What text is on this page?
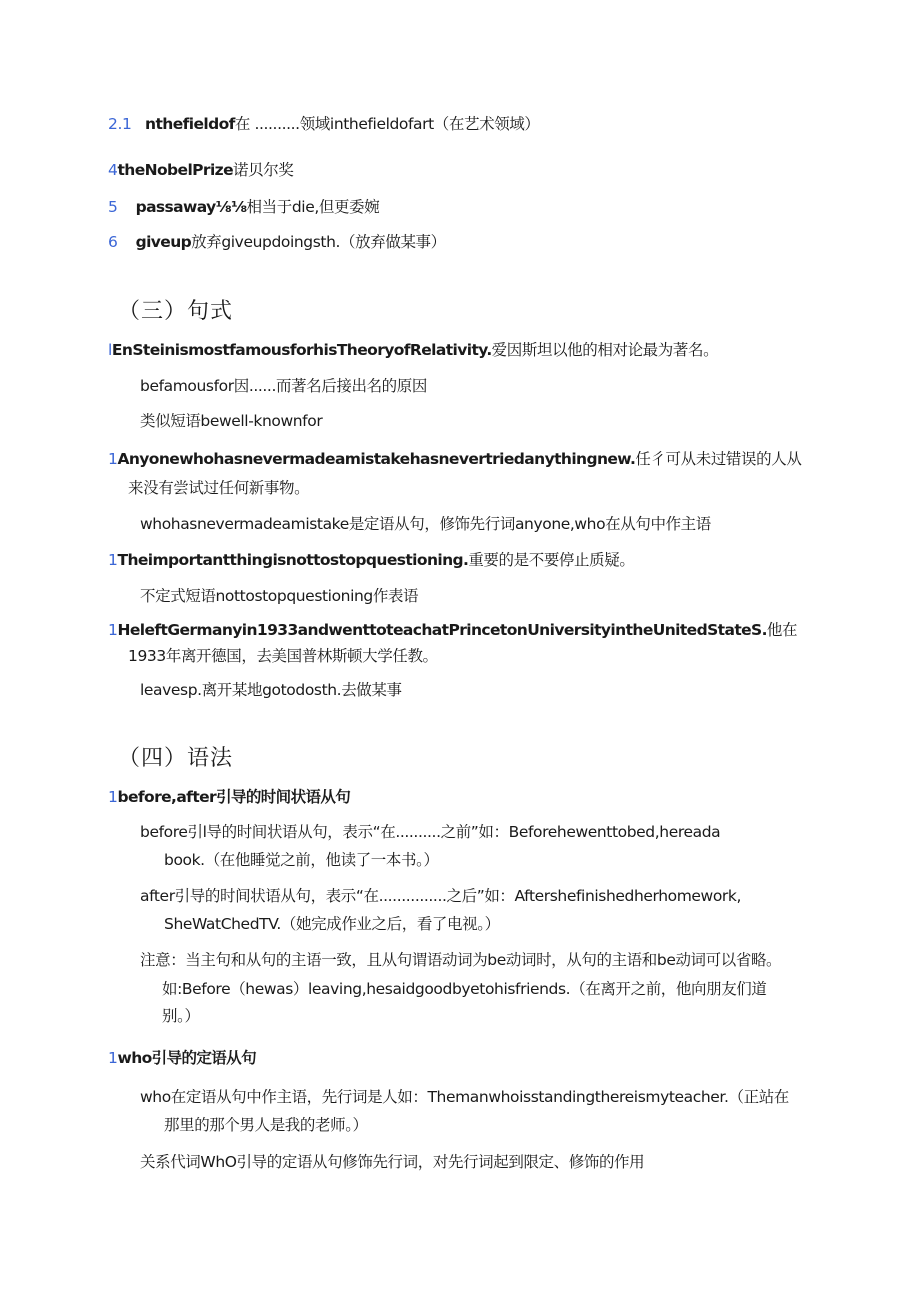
2.1 nthefieldof在 ..........领域inthefieldofart（在艺术领域）
4theNobelPrize诺贝尔奖
5 passaway⅛⅛相当于die,但更委婉
6 giveup放弃giveupdoingsth.（放弃做某事）
（三）句式
lEnSteinismostfamousforhisTheoryofRelativity.爱因斯坦以他的相对论最为著名。
befamousfor因......而著名后接出名的原因
类似短语bewell-knownfor
1Anyonewhohasnevermadeamistakehasnevertriedanythingnew.任彳可从未过错误的人从
来没有尝试过任何新事物。
whohasnevermadeamistake是定语从句，修饰先行词anyone,who在从句中作主语
1Theimportantthingisnottostopquestioning.重要的是不要停止质疑。
不定式短语nottostopquestioning作表语
1HeleftGermanyin1933andwenttoteachatPrincetonUniversityintheUnitedStateS.他在
1933年离开德国，去美国普林斯顿大学任教。
leavesp.离开某地gotodosth.去做某事
（四）语法
1before,after引导的时间状语从句
before引l导的时间状语从句，表示“在..........之前”如：Beforehewenttobed,hereada
book.（在他睡觉之前，他读了一本书。）
after引导的时间状语从句，表示“在...............之后”如：Aftershefinishedherhomework,
SheWatChedTV.（她完成作业之后，看了电视。）
注意：当主句和从句的主语一致，且从句谓语动词为be动词时，从句的主语和be动词可以省略。
如:Before（hewas）leaving,hesaidgoodbyetohisfriends.（在离开之前，他向朋友们道
别。）
1who引导的定语从句
who在定语从句中作主语，先行词是人如：Themanwhoisstandingthereismyteacher.（正站在
那里的那个男人是我的老师。）
关系代词WhO引导的定语从句修饰先行词，对先行词起到限定、修饰的作用
